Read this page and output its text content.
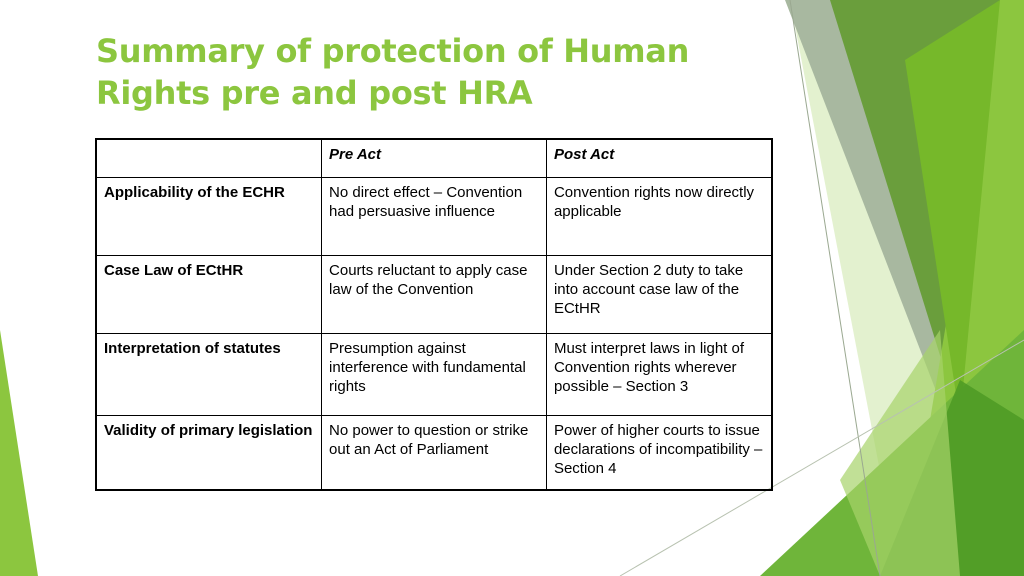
Summary of protection of Human
Rights pre and post HRA
	Pre Act	Post Act
Applicability of the ECHR	No direct effect – Convention had persuasive influence	Convention rights now directly applicable
Case Law of ECtHR	Courts reluctant to apply case law of the Convention	Under Section 2 duty to take into account case law of the ECtHR
Interpretation of statutes	Presumption against interference with fundamental rights	Must interpret laws in light of Convention rights wherever possible – Section 3
Validity of primary legislation	No power to question or strike out an Act of Parliament	Power of higher courts to issue declarations of incompatibility – Section 4
